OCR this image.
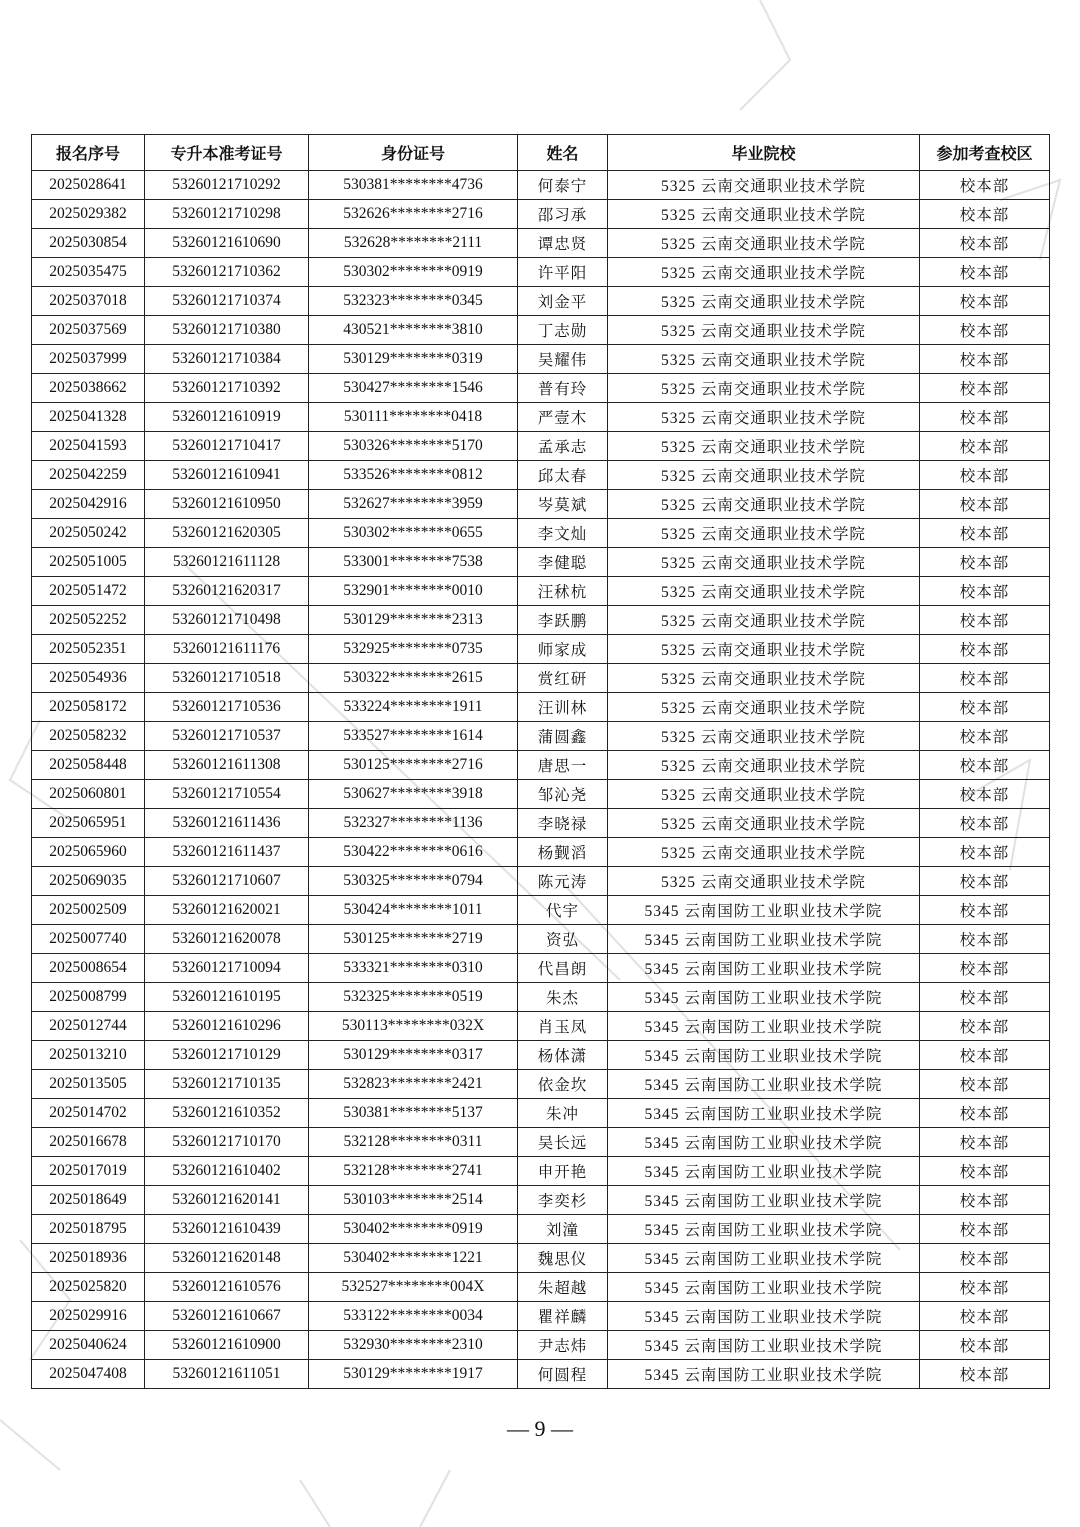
报名序号	专升本准考证号	身份证号	姓名	毕业院校	参加考查校区
2025028641	53260121710292	530381********4736	何泰宁	5325 云南交通职业技术学院	校本部
2025029382	53260121710298	532626********2716	邵习承	5325 云南交通职业技术学院	校本部
2025030854	53260121610690	532628********2111	谭忠贤	5325 云南交通职业技术学院	校本部
2025035475	53260121710362	530302********0919	许平阳	5325 云南交通职业技术学院	校本部
2025037018	53260121710374	532323********0345	刘金平	5325 云南交通职业技术学院	校本部
2025037569	53260121710380	430521********3810	丁志勋	5325 云南交通职业技术学院	校本部
2025037999	53260121710384	530129********0319	吴耀伟	5325 云南交通职业技术学院	校本部
2025038662	53260121710392	530427********1546	普有玲	5325 云南交通职业技术学院	校本部
2025041328	53260121610919	530111********0418	严壹木	5325 云南交通职业技术学院	校本部
2025041593	53260121710417	530326********5170	孟承志	5325 云南交通职业技术学院	校本部
2025042259	53260121610941	533526********0812	邱太春	5325 云南交通职业技术学院	校本部
2025042916	53260121610950	532627********3959	岑莫斌	5325 云南交通职业技术学院	校本部
2025050242	53260121620305	530302********0655	李文灿	5325 云南交通职业技术学院	校本部
2025051005	53260121611128	533001********7538	李健聪	5325 云南交通职业技术学院	校本部
2025051472	53260121620317	532901********0010	汪秫杭	5325 云南交通职业技术学院	校本部
2025052252	53260121710498	530129********2313	李跃鹏	5325 云南交通职业技术学院	校本部
2025052351	53260121611176	532925********0735	师家成	5325 云南交通职业技术学院	校本部
2025054936	53260121710518	530322********2615	赏红研	5325 云南交通职业技术学院	校本部
2025058172	53260121710536	533224********1911	汪训林	5325 云南交通职业技术学院	校本部
2025058232	53260121710537	533527********1614	蒲圆鑫	5325 云南交通职业技术学院	校本部
2025058448	53260121611308	530125********2716	唐思一	5325 云南交通职业技术学院	校本部
2025060801	53260121710554	530627********3918	邹沁尧	5325 云南交通职业技术学院	校本部
2025065951	53260121611436	532327********1136	李晓禄	5325 云南交通职业技术学院	校本部
2025065960	53260121611437	530422********0616	杨觐滔	5325 云南交通职业技术学院	校本部
2025069035	53260121710607	530325********0794	陈元涛	5325 云南交通职业技术学院	校本部
2025002509	53260121620021	530424********1011	代宇	5345 云南国防工业职业技术学院	校本部
2025007740	53260121620078	530125********2719	资弘	5345 云南国防工业职业技术学院	校本部
2025008654	53260121710094	533321********0310	代昌朗	5345 云南国防工业职业技术学院	校本部
2025008799	53260121610195	532325********0519	朱杰	5345 云南国防工业职业技术学院	校本部
2025012744	53260121610296	530113********032X	肖玉凤	5345 云南国防工业职业技术学院	校本部
2025013210	53260121710129	530129********0317	杨体潇	5345 云南国防工业职业技术学院	校本部
2025013505	53260121710135	532823********2421	依金坎	5345 云南国防工业职业技术学院	校本部
2025014702	53260121610352	530381********5137	朱冲	5345 云南国防工业职业技术学院	校本部
2025016678	53260121710170	532128********0311	吴长远	5345 云南国防工业职业技术学院	校本部
2025017019	53260121610402	532128********2741	申开艳	5345 云南国防工业职业技术学院	校本部
2025018649	53260121620141	530103********2514	李奕杉	5345 云南国防工业职业技术学院	校本部
2025018795	53260121610439	530402********0919	刘潼	5345 云南国防工业职业技术学院	校本部
2025018936	53260121620148	530402********1221	魏思仪	5345 云南国防工业职业技术学院	校本部
2025025820	53260121610576	532527********004X	朱超越	5345 云南国防工业职业技术学院	校本部
2025029916	53260121610667	533122********0034	瞿祥麟	5345 云南国防工业职业技术学院	校本部
2025040624	53260121610900	532930********2310	尹志炜	5345 云南国防工业职业技术学院	校本部
2025047408	53260121611051	530129********1917	何圆程	5345 云南国防工业职业技术学院	校本部
— 9 —
